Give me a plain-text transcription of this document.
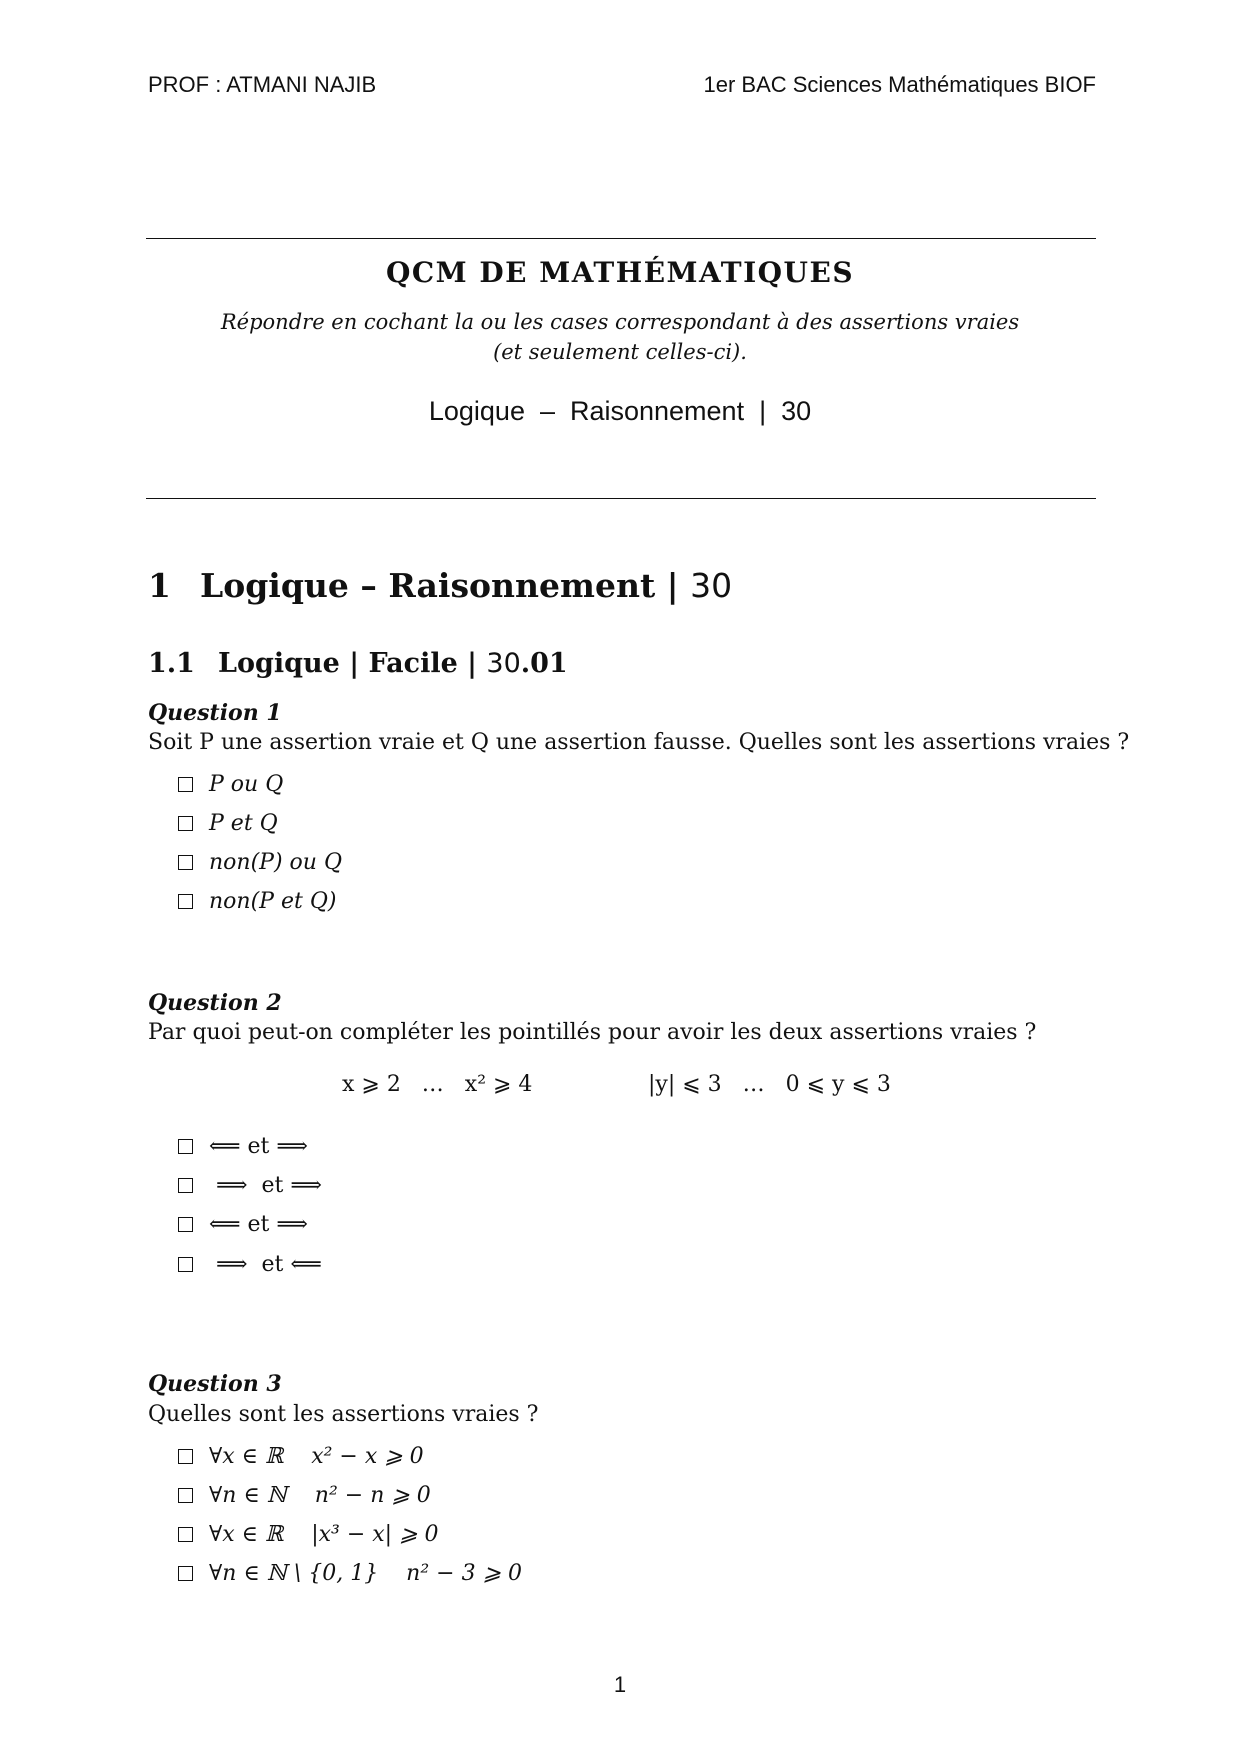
PROF : ATMANI NAJIB	1er BAC Sciences Mathématiques BIOF
QCM DE MATHÉMATIQUES
Répondre en cochant la ou les cases correspondant à des assertions vraies
(et seulement celles-ci).
Logique  –  Raisonnement  |  30
1 Logique – Raisonnement | 30
1.1 Logique | Facile | 30.01
Question 1
Soit P une assertion vraie et Q une assertion fausse. Quelles sont les assertions vraies ?
P ou Q
P et Q
non(P) ou Q
non(P et Q)
Question 2
Par quoi peut-on compléter les pointillés pour avoir les deux assertions vraies ?
x ⩾ 2   …   x² ⩾ 4	|y| ⩽ 3   …   0 ⩽ y ⩽ 3
⟸ et ⟹
⟹  et ⟹
⟸ et ⟹
⟹  et ⟸
Question 3
Quelles sont les assertions vraies ?
∀x ∈ ℝ    x² − x ⩾ 0
∀n ∈ ℕ    n² − n ⩾ 0
∀x ∈ ℝ    |x³ − x| ⩾ 0
∀n ∈ ℕ \ {0, 1}    n² − 3 ⩾ 0
1
